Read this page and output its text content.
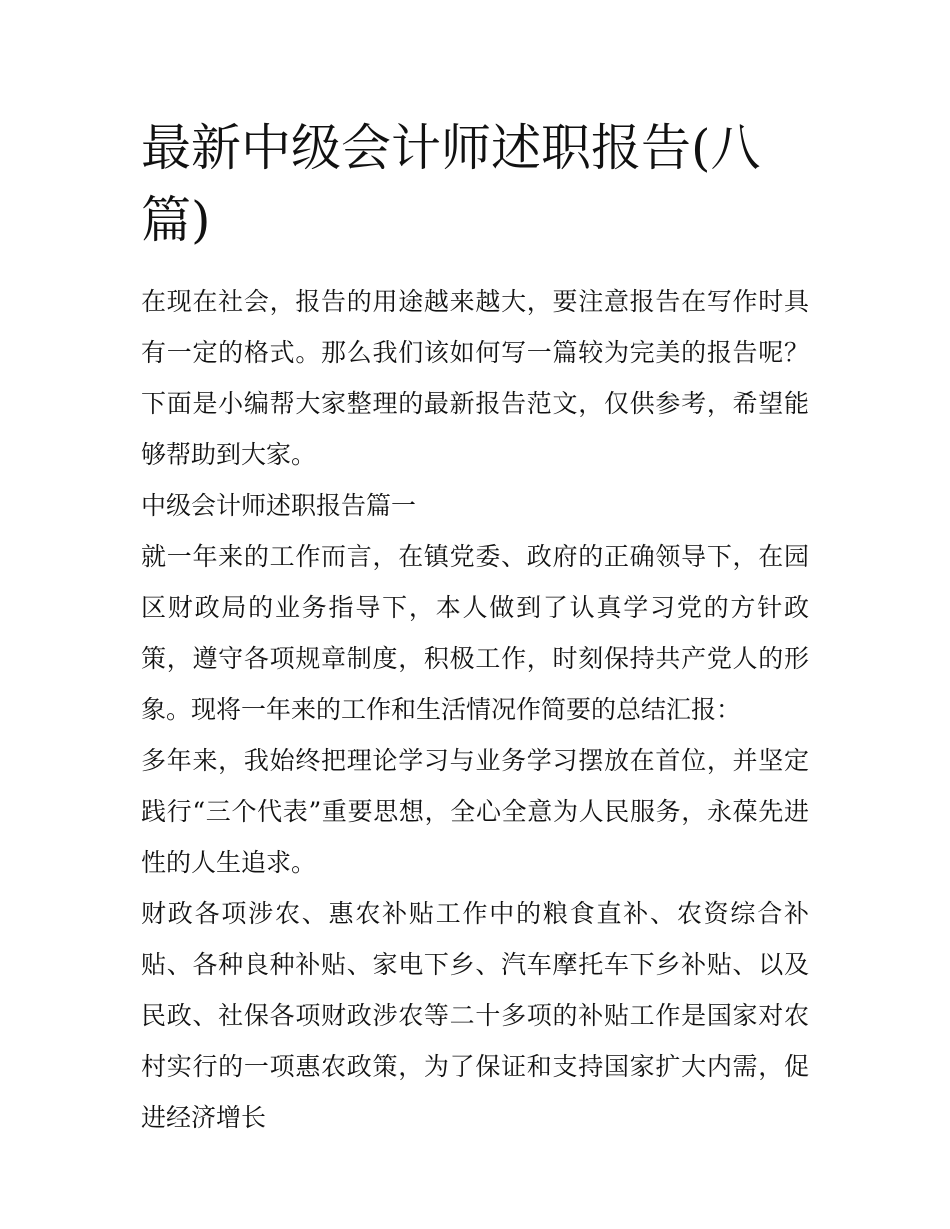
最新中级会计师述职报告(八篇)

在现在社会，报告的用途越来越大，要注意报告在写作时具有一定的格式。那么我们该如何写一篇较为完美的报告呢？下面是小编帮大家整理的最新报告范文，仅供参考，希望能够帮助到大家。

中级会计师述职报告篇一

就一年来的工作而言，在镇党委、政府的正确领导下，在园区财政局的业务指导下，本人做到了认真学习党的方针政策，遵守各项规章制度，积极工作，时刻保持共产党人的形象。现将一年来的工作和生活情况作简要的总结汇报：

多年来，我始终把理论学习与业务学习摆放在首位，并坚定践行“三个代表”重要思想，全心全意为人民服务，永葆先进性的人生追求。

财政各项涉农、惠农补贴工作中的粮食直补、农资综合补贴、各种良种补贴、家电下乡、汽车摩托车下乡补贴、以及民政、社保各项财政涉农等二十多项的补贴工作是国家对农村实行的一项惠农政策，为了保证和支持国家扩大内需，促进经济增长
